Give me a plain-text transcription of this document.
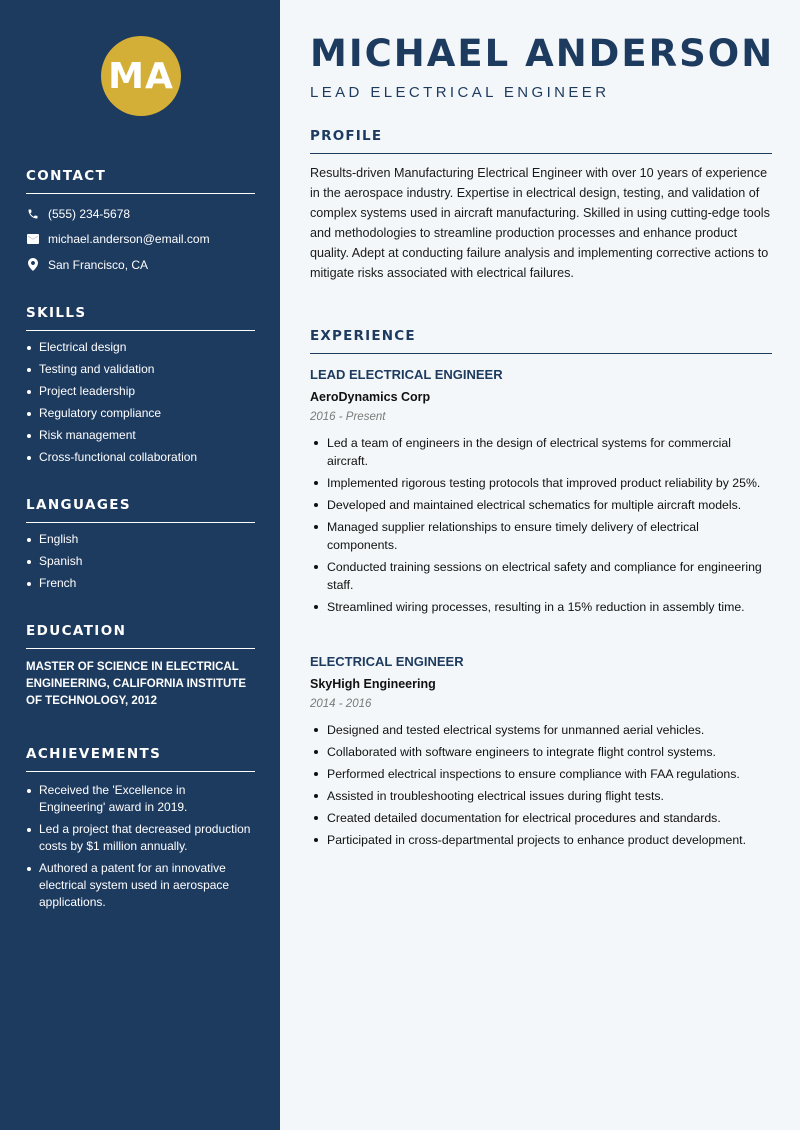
MA
CONTACT
(555) 234-5678
michael.anderson@email.com
San Francisco, CA
SKILLS
Electrical design
Testing and validation
Project leadership
Regulatory compliance
Risk management
Cross-functional collaboration
LANGUAGES
English
Spanish
French
EDUCATION
MASTER OF SCIENCE IN ELECTRICAL ENGINEERING, CALIFORNIA INSTITUTE OF TECHNOLOGY, 2012
ACHIEVEMENTS
Received the 'Excellence in Engineering' award in 2019.
Led a project that decreased production costs by $1 million annually.
Authored a patent for an innovative electrical system used in aerospace applications.
MICHAEL ANDERSON
LEAD ELECTRICAL ENGINEER
PROFILE
Results-driven Manufacturing Electrical Engineer with over 10 years of experience in the aerospace industry. Expertise in electrical design, testing, and validation of complex systems used in aircraft manufacturing. Skilled in using cutting-edge tools and methodologies to streamline production processes and enhance product quality. Adept at conducting failure analysis and implementing corrective actions to mitigate risks associated with electrical failures.
EXPERIENCE
LEAD ELECTRICAL ENGINEER
AeroDynamics Corp
2016 - Present
Led a team of engineers in the design of electrical systems for commercial aircraft.
Implemented rigorous testing protocols that improved product reliability by 25%.
Developed and maintained electrical schematics for multiple aircraft models.
Managed supplier relationships to ensure timely delivery of electrical components.
Conducted training sessions on electrical safety and compliance for engineering staff.
Streamlined wiring processes, resulting in a 15% reduction in assembly time.
ELECTRICAL ENGINEER
SkyHigh Engineering
2014 - 2016
Designed and tested electrical systems for unmanned aerial vehicles.
Collaborated with software engineers to integrate flight control systems.
Performed electrical inspections to ensure compliance with FAA regulations.
Assisted in troubleshooting electrical issues during flight tests.
Created detailed documentation for electrical procedures and standards.
Participated in cross-departmental projects to enhance product development.
